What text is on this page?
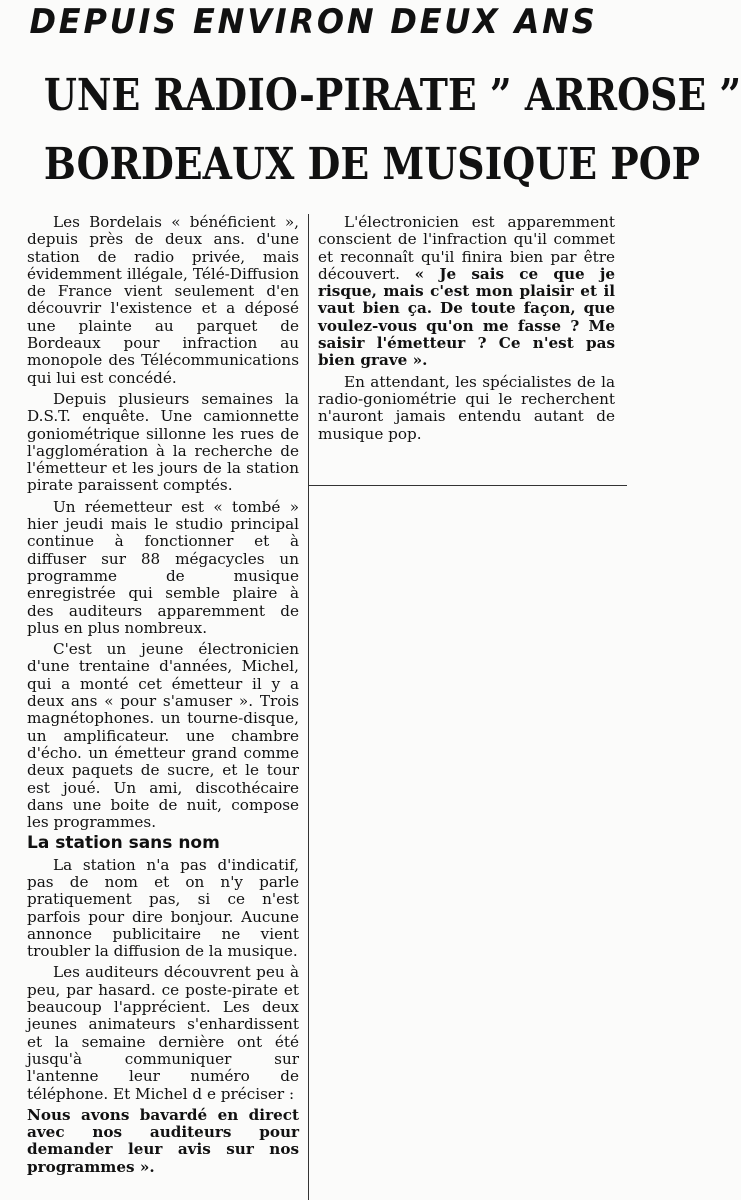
DEPUIS ENVIRON DEUX ANS
UNE RADIO-PIRATE ” ARROSE ”
BORDEAUX DE MUSIQUE POP

Les Bordelais « bénéficient », depuis près de deux ans. d'une station de radio privée, mais évidemment illégale, Télé-Diffusion de France vient seulement d'en découvrir l'existence et a déposé une plainte au parquet de Bordeaux pour infraction au monopole des Télécommunications qui lui est concédé.

Depuis plusieurs semaines la D.S.T. enquête. Une camionnette goniométrique sillonne les rues de l'agglomération à la recherche de l'émetteur et les jours de la station pirate paraissent comptés.

Un réemetteur est « tombé » hier jeudi mais le studio principal continue à fonctionner et à diffuser sur 88 mégacycles un programme de musique enregistrée qui semble plaire à des auditeurs apparemment de plus en plus nombreux.

C'est un jeune électronicien d'une trentaine d'années, Michel, qui a monté cet émetteur il y a deux ans « pour s'amuser ». Trois magnétophones. un tourne-disque, un amplificateur. une chambre d'écho. un émetteur grand comme deux paquets de sucre, et le tour est joué. Un ami, discothécaire dans une boite de nuit, compose les programmes.

La station sans nom

La station n'a pas d'indicatif, pas de nom et on n'y parle pratiquement pas, si ce n'est parfois pour dire bonjour. Aucune annonce publicitaire ne vient troubler la diffusion de la musique.

Les auditeurs découvrent peu à peu, par hasard. ce poste-pirate et beaucoup l'apprécient. Les deux jeunes animateurs s'enhardissent et la semaine dernière ont été jusqu'à communiquer sur l'antenne leur numéro de téléphone. Et Michel d e préciser :

Nous avons bavardé en direct avec nos auditeurs pour demander leur avis sur nos programmes ».

L'électronicien est apparemment conscient de l'infraction qu'il commet et reconnaît qu'il finira bien par être découvert. « Je sais ce que je risque, mais c'est mon plaisir et il vaut bien ça. De toute façon, que voulez-vous qu'on me fasse ? Me saisir l'émetteur ? Ce n'est pas bien grave ».

En attendant, les spécialistes de la radio-goniométrie qui le recherchent n'auront jamais entendu autant de musique pop.
